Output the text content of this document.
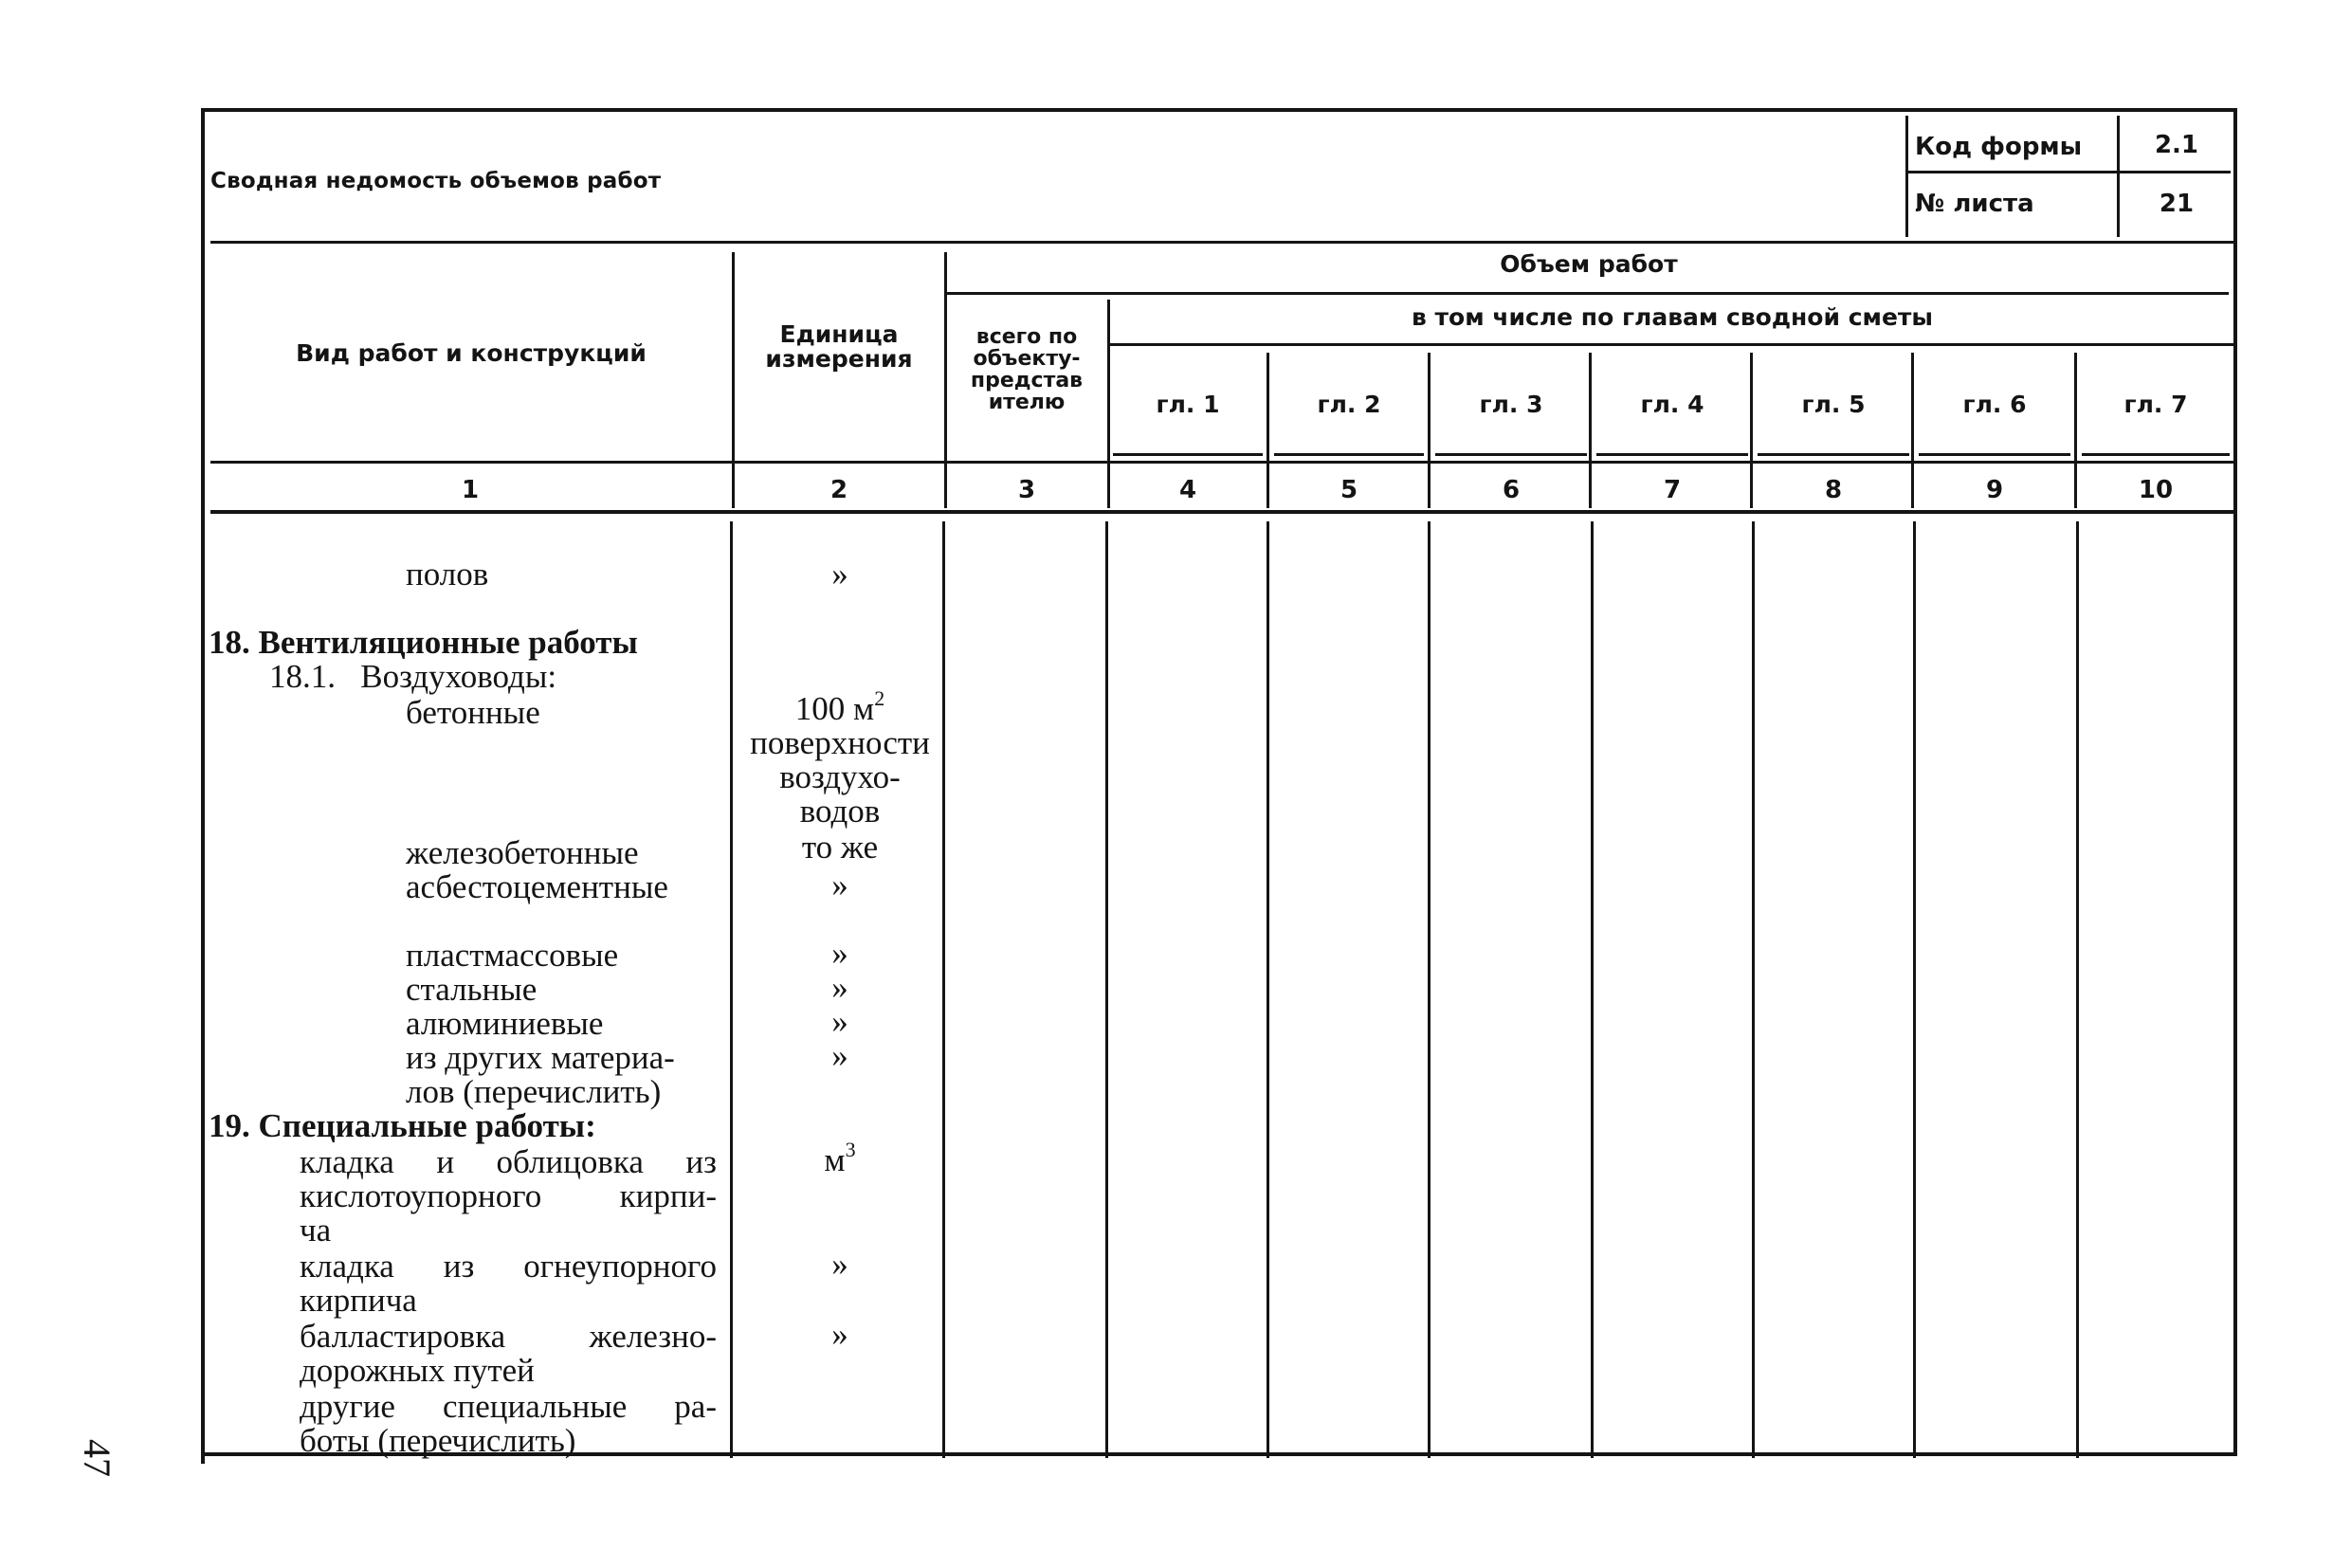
Сводная недомость объемов работ
Код формы	2.1
№ листа	21
Вид работ и конструкций
Единица измерения
Объем работ
всего по объекту-представителю
в том числе по главам сводной сметы
гл. 1	гл. 2	гл. 3	гл. 4	гл. 5	гл. 6	гл. 7
1	2	3	4	5	6	7	8	9	10
полов	»
18. Вентиляционные работы
18.1.   Воздуховоды:
бетонные	100 $м^2$
поверхности
воздухо-
водов
железобетонные	то же
асбестоцементные	»
пластмассовые	»
стальные	»
алюминиевые	»
из других материа-	»
лов (перечислить)
19. Специальные работы:
кладка и облицовка из	$м^3$
кислотоупорного кирпи-
ча
кладка из огнеупорного	»
кирпича
балластировка железно-	»
дорожных путей
другие специальные ра-
боты (перечислить)
47
